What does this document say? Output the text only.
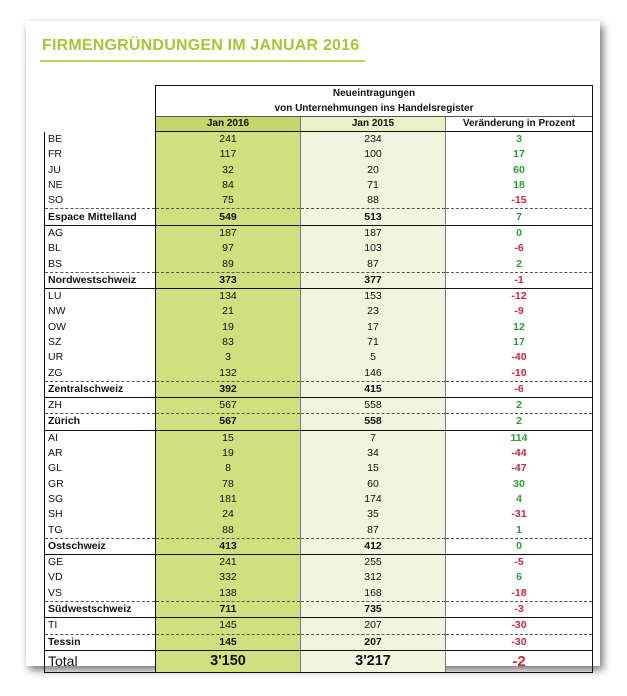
FIRMENGRÜNDUNGEN IM JANUAR 2016

	Neueintragungen
von Unternehmungen ins Handelsregister		

	Jan 2016	Jan 2015	Veränderung in Prozent
BE	241	234	3
FR	117	100	17
JU	32	20	60
NE	84	71	18
SO	75	88	-15
Espace Mittelland	549	513	7
AG	187	187	0
BL	97	103	-6
BS	89	87	2
Nordwestschweiz	373	377	-1
LU	134	153	-12
NW	21	23	-9
OW	19	17	12
SZ	83	71	17
UR	3	5	-40
ZG	132	146	-10
Zentralschweiz	392	415	-6
ZH	567	558	2
Zürich	567	558	2
AI	15	7	114
AR	19	34	-44
GL	8	15	-47
GR	78	60	30
SG	181	174	4
SH	24	35	-31
TG	88	87	1
Ostschweiz	413	412	0
GE	241	255	-5
VD	332	312	6
VS	138	168	-18
Südwestschweiz	711	735	-3
TI	145	207	-30
Tessin	145	207	-30
Total	3'150	3'217	-2
